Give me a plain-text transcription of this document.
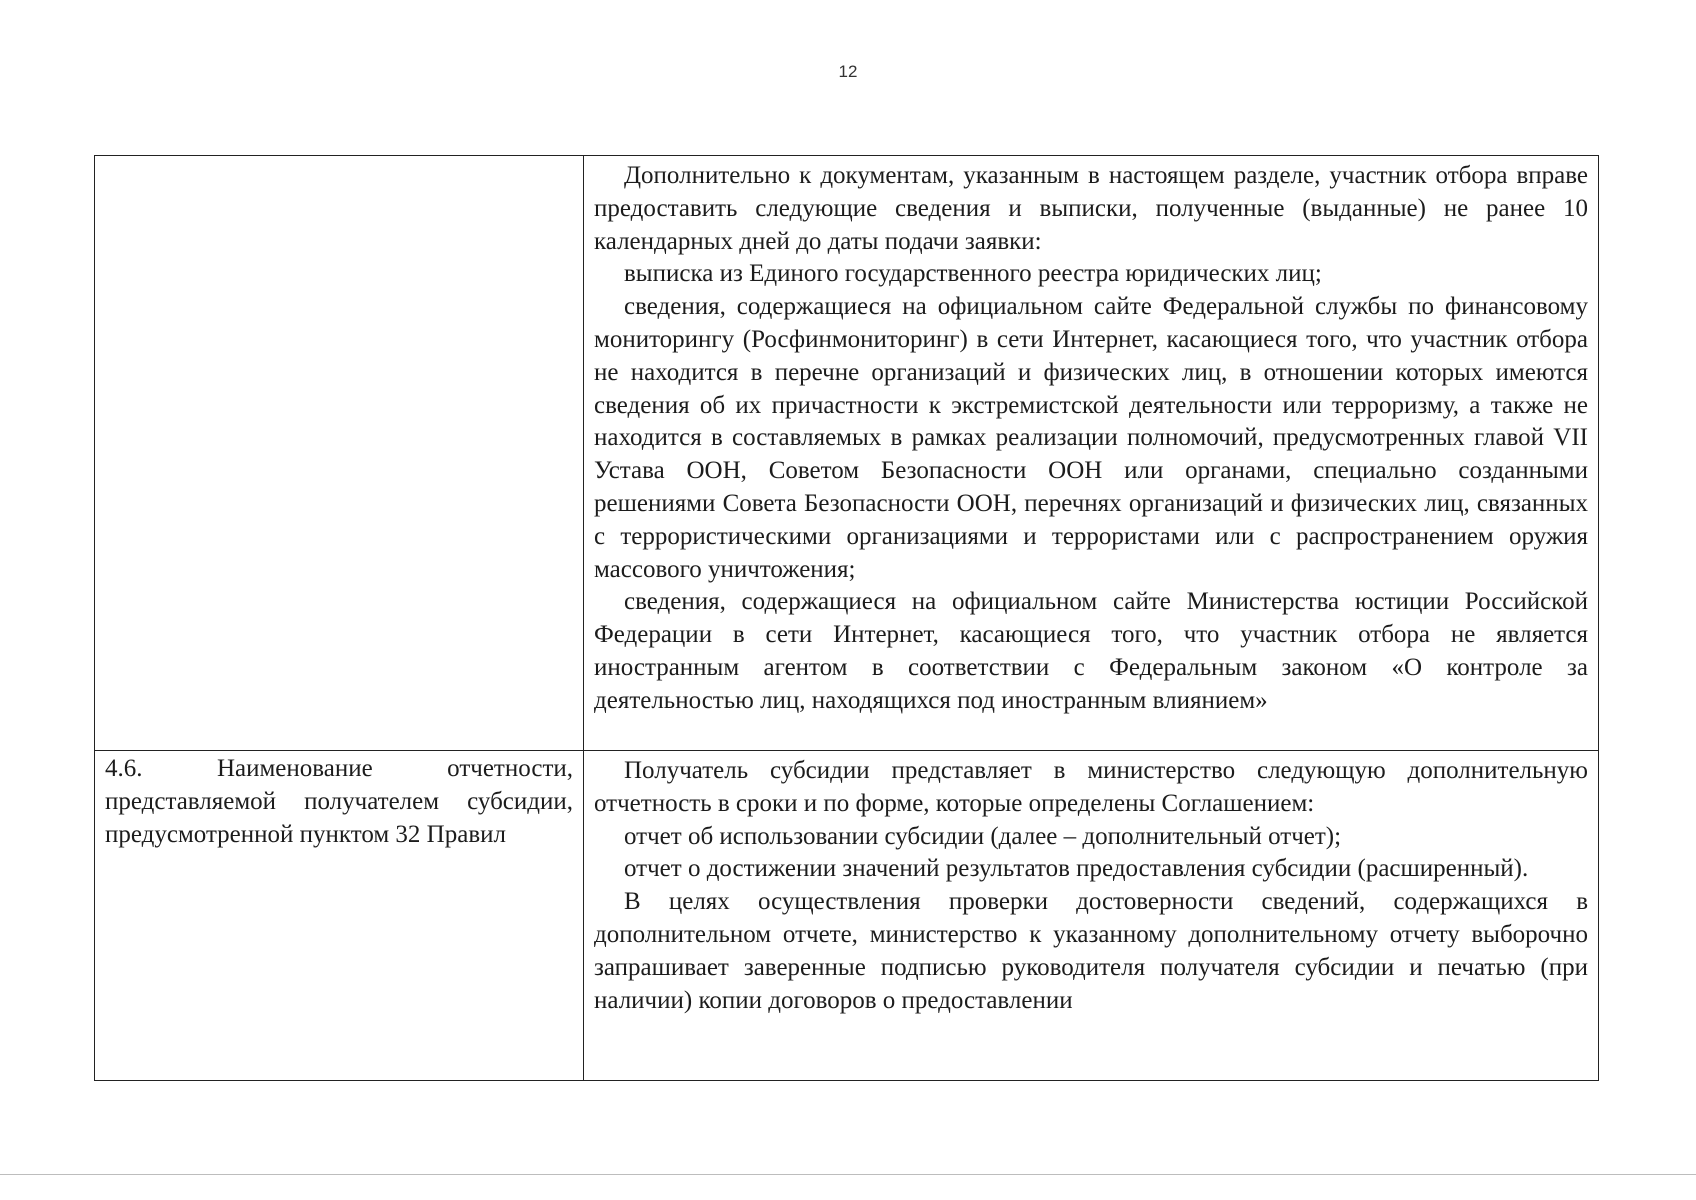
12

	Дополнительно к документам, указанным в настоящем разделе, участник отбора вправе предоставить следующие сведения и выписки, полученные (выданные) не ранее 10 календарных дней до даты подачи заявки:

выписка из Единого государственного реестра юридических лиц;

сведения, содержащиеся на официальном сайте Федеральной службы по финансовому мониторингу (Росфинмониторинг) в сети Интернет, касающиеся того, что участник отбора не находится в перечне организаций и физических лиц, в отношении которых имеются сведения об их причастности к экстремистской деятельности или терроризму, а также не находится в составляемых в рамках реализации полномочий, предусмотренных главой VII Устава ООН, Советом Безопасности ООН или органами, специально созданными решениями Совета Безопасности ООН, перечнях организаций и физических лиц, связанных с террористическими организациями и террористами или с распространением оружия массового уничтожения;

сведения, содержащиеся на официальном сайте Министерства юстиции Российской Федерации в сети Интернет, касающиеся того, что участник отбора не является иностранным агентом в соответствии с Федеральным законом «О контроле за деятельностью лиц, находящихся под иностранным влиянием»

4.6. Наименование отчетности, представляемой получателем субсидии, предусмотренной пунктом 32 Правил	Получатель субсидии представляет в министерство следующую дополнительную отчетность в сроки и по форме, которые определены Соглашением:

отчет об использовании субсидии (далее – дополнительный отчет);

отчет о достижении значений результатов предоставления субсидии (расширенный).

В целях осуществления проверки достоверности сведений, содержащихся в дополнительном отчете, министерство к указанному дополнительному отчету выборочно запрашивает заверенные подписью руководителя получателя субсидии и печатью (при наличии) копии договоров о предоставлении
